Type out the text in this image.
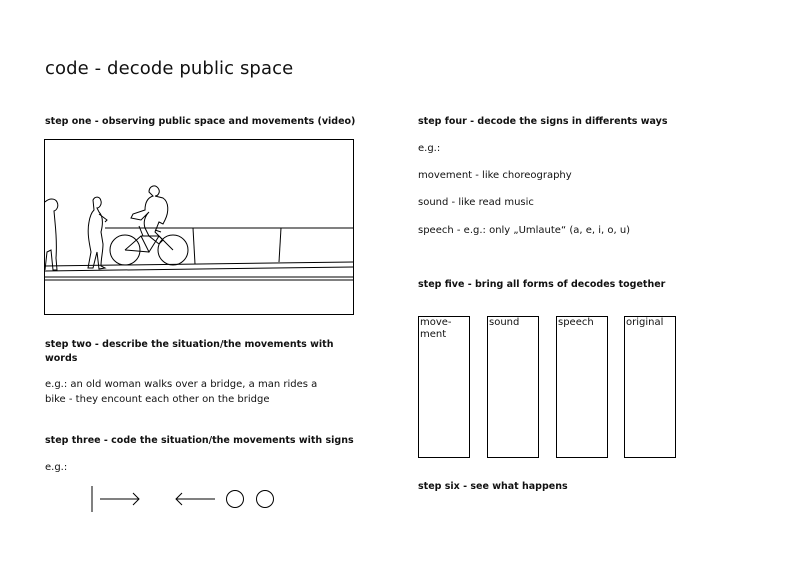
code - decode public space
step one - observing public space and movements (video)
step two - describe the situation/the movements with words
e.g.: an old woman walks over a bridge, a man rides a bike - they encount each other on the bridge
step three - code the situation/the movements with signs
e.g.:
step four - decode the signs in differents ways
e.g.:
movement - like choreography
sound - like read music
speech - e.g.: only „Umlaute“ (a, e, i, o, u)
step five - bring all forms of decodes together
move-ment
sound	speech	original
step six - see what happens
